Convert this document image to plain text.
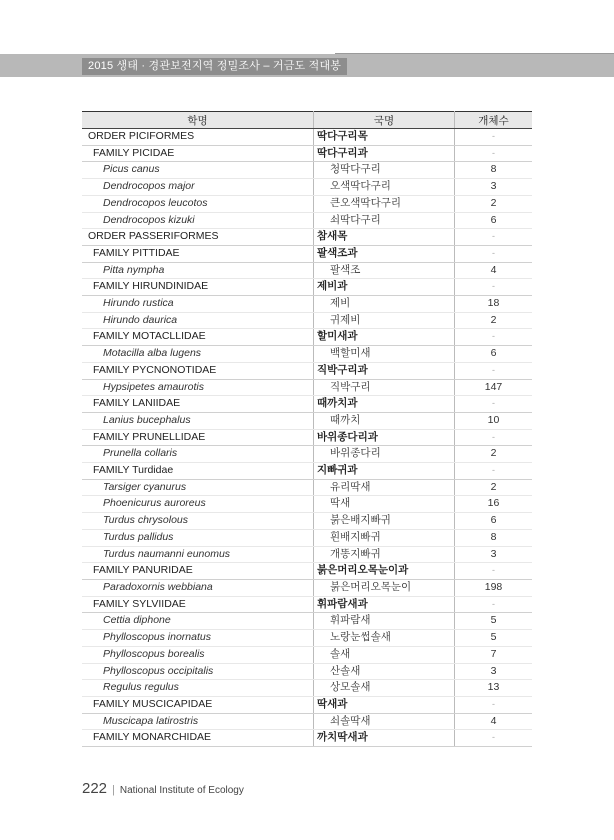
2015 생태 · 경관보전지역 정밀조사 – 거금도 적대봉
학명	국명	개체수
ORDER PICIFORMES	딱다구리목	-
FAMILY PICIDAE	딱다구리과	-
Picus canus	청딱다구리	8
Dendrocopos major	오색딱다구리	3
Dendrocopos leucotos	큰오색딱다구리	2
Dendrocopos kizuki	쇠딱다구리	6
ORDER PASSERIFORMES	참새목	-
FAMILY PITTIDAE	팔색조과	-
Pitta nympha	팔색조	4
FAMILY HIRUNDINIDAE	제비과	-
Hirundo rustica	제비	18
Hirundo daurica	귀제비	2
FAMILY MOTACLLIDAE	할미새과	-
Motacilla alba lugens	백할미새	6
FAMILY PYCNONOTIDAE	직박구리과	-
Hypsipetes amaurotis	직박구리	147
FAMILY LANIIDAE	때까치과	-
Lanius bucephalus	때까치	10
FAMILY PRUNELLIDAE	바위종다리과	-
Prunella collaris	바위종다리	2
FAMILY Turdidae	지빠귀과	-
Tarsiger cyanurus	유리딱새	2
Phoenicurus auroreus	딱새	16
Turdus chrysolous	붉은배지빠귀	6
Turdus pallidus	흰배지빠귀	8
Turdus naumanni eunomus	개똥지빠귀	3
FAMILY PANURIDAE	붉은머리오목눈이과	-
Paradoxornis webbiana	붉은머리오목눈이	198
FAMILY SYLVIIDAE	휘파람새과	-
Cettia diphone	휘파람새	5
Phylloscopus inornatus	노랑눈썹솔새	5
Phylloscopus borealis	솔새	7
Phylloscopus occipitalis	산솔새	3
Regulus regulus	상모솔새	13
FAMILY MUSCICAPIDAE	딱새과	-
Muscicapa latirostris	쇠솔딱새	4
FAMILY MONARCHIDAE	까치딱새과	-
222 | National Institute of Ecology
